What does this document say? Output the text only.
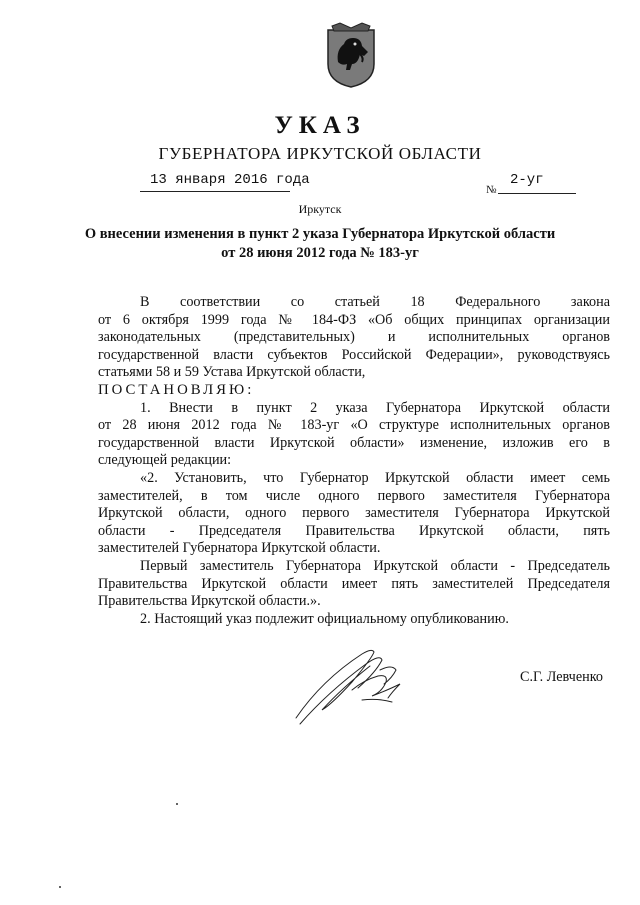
УКАЗ
ГУБЕРНАТОРА ИРКУТСКОЙ ОБЛАСТИ
13 января 2016 года
№
2-уг
Иркутск
О внесении изменения в пункт 2 указа Губернатора Иркутской области
от 28 июня 2012 года № 183-уг

В соответствии со статьей 18 Федерального закона

от 6 октября 1999 года № 184-ФЗ «Об общих принципах организации

законодательных (представительных) и исполнительных органов

государственной власти субъектов Российской Федерации», руководствуясь

статьями 58 и 59 Устава Иркутской области,

ПОСТАНОВЛЯЮ:

1. Внести в пункт 2 указа Губернатора Иркутской области

от 28 июня 2012 года № 183-уг «О структуре исполнительных органов

государственной власти Иркутской области» изменение, изложив его в

следующей редакции:

«2. Установить, что Губернатор Иркутской области имеет семь

заместителей, в том числе одного первого заместителя Губернатора

Иркутской области, одного первого заместителя Губернатора Иркутской

области - Председателя Правительства Иркутской области, пять

заместителей Губернатора Иркутской области.

Первый заместитель Губернатора Иркутской области - Председатель

Правительства Иркутской области имеет пять заместителей Председателя

Правительства Иркутской области.».

2. Настоящий указ подлежит официальному опубликованию.

С.Г. Левченко
